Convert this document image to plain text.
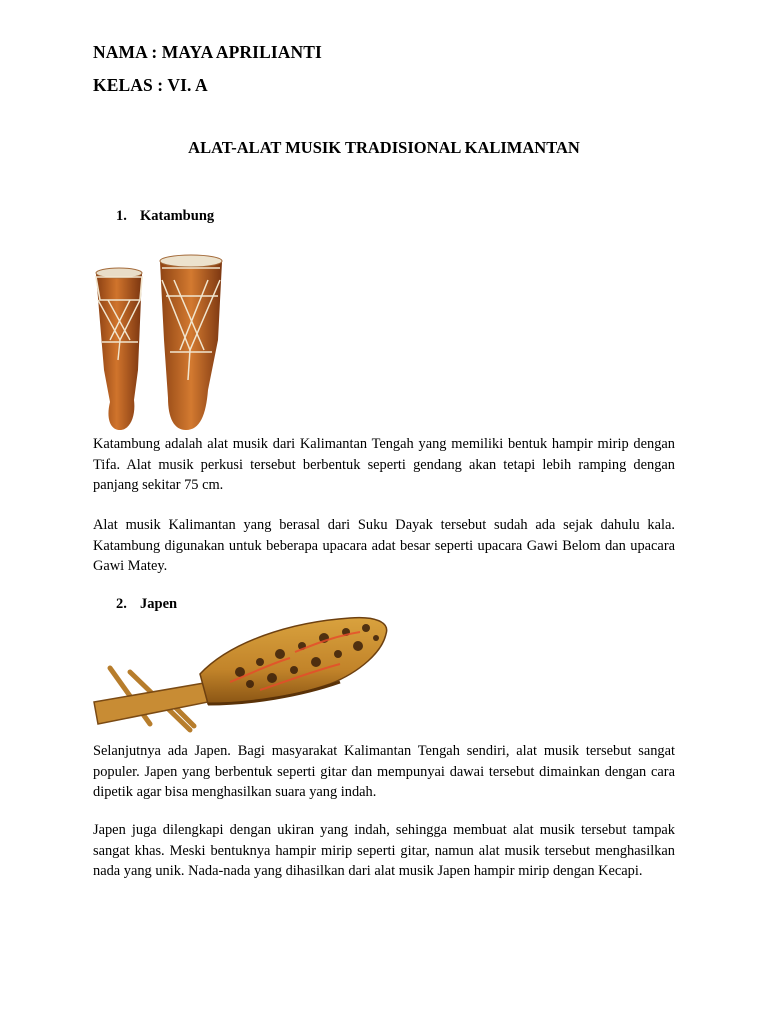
NAMA : MAYA APRILIANTI
KELAS : VI. A
ALAT-ALAT MUSIK TRADISIONAL KALIMANTAN
1. Katambung
Katambung adalah alat musik dari Kalimantan Tengah yang memiliki bentuk hampir mirip dengan Tifa. Alat musik perkusi tersebut berbentuk seperti gendang akan tetapi lebih ramping dengan panjang sekitar 75 cm.
Alat musik Kalimantan yang berasal dari Suku Dayak tersebut sudah ada sejak dahulu kala. Katambung digunakan untuk beberapa upacara adat besar seperti upacara Gawi Belom dan upacara Gawi Matey.
2. Japen
Selanjutnya ada Japen. Bagi masyarakat Kalimantan Tengah sendiri, alat musik tersebut sangat populer. Japen yang berbentuk seperti gitar dan mempunyai dawai tersebut dimainkan dengan cara dipetik agar bisa menghasilkan suara yang indah.
Japen juga dilengkapi dengan ukiran yang indah, sehingga membuat alat musik tersebut tampak sangat khas. Meski bentuknya hampir mirip seperti gitar, namun alat musik tersebut menghasilkan nada yang unik. Nada-nada yang dihasilkan dari alat musik Japen hampir mirip dengan Kecapi.
